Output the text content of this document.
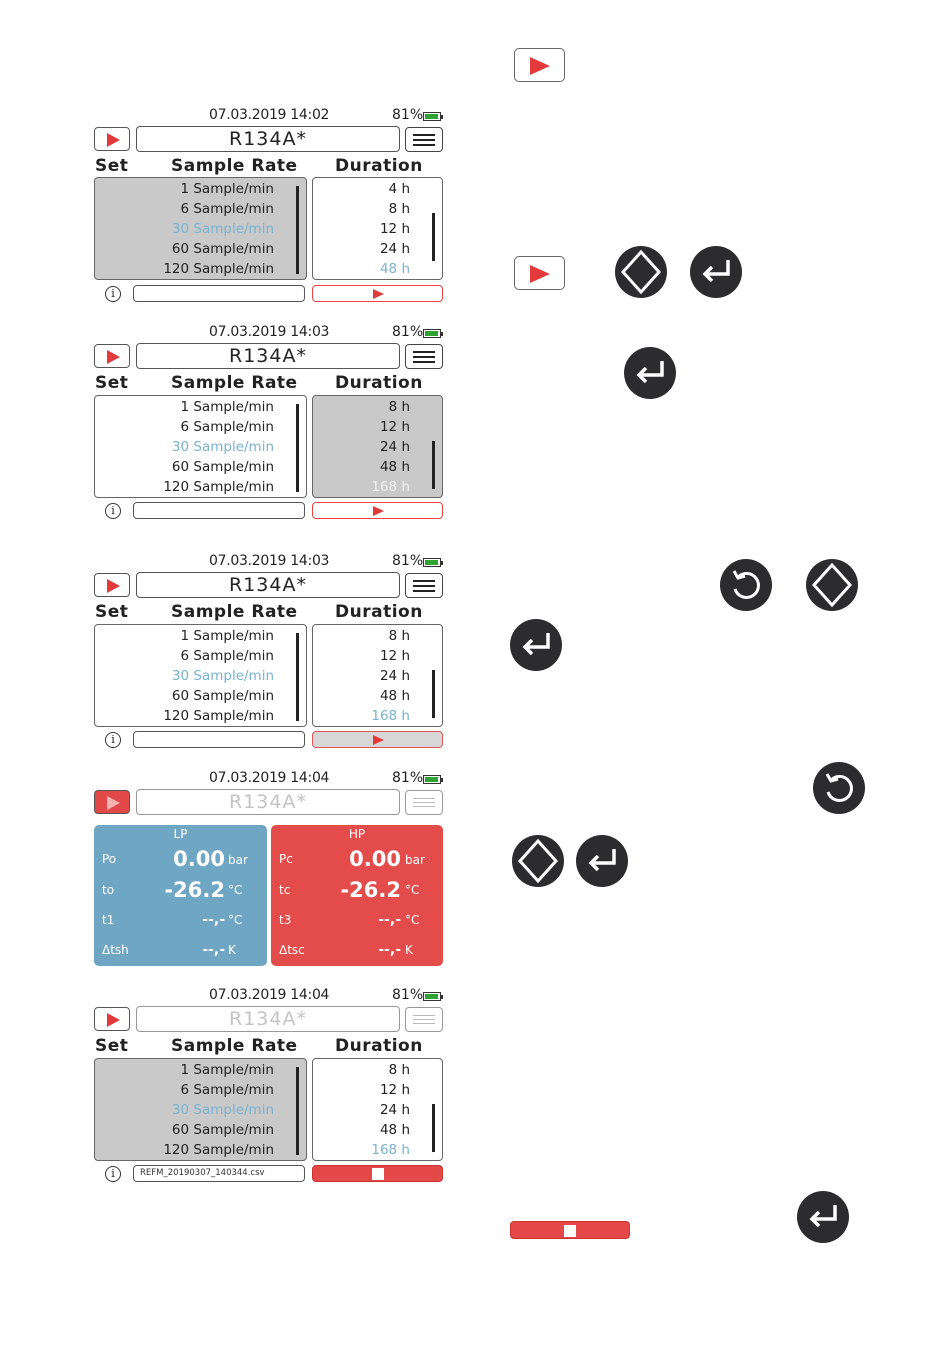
07.03.2019 14:02	81%
R134A*
Set	Sample Rate Duration
1 Sample/min
6 Sample/min
30 Sample/min
60 Sample/min
120 Sample/min
4 h
8 h
12 h
24 h
48 h
i
07.03.2019 14:03	81%
R134A*
Set	Sample Rate Duration
1 Sample/min
6 Sample/min
30 Sample/min
60 Sample/min
120 Sample/min
8 h
12 h
24 h
48 h
168 h
i
07.03.2019 14:03	81%
R134A*
Set	Sample Rate Duration
1 Sample/min
6 Sample/min
30 Sample/min
60 Sample/min
120 Sample/min
8 h
12 h
24 h
48 h
168 h
i
07.03.2019 14:04	81%
R134A*
LP
Po	0.00 bar
to -26.2 °C
t1	--,- °C
Δtsh	--,- K
HP
Pc	0.00 bar
tc -26.2 °C
t3	--,- °C
Δtsc	--,- K
07.03.2019 14:04	81%
R134A*
Set	Sample Rate Duration
1 Sample/min
6 Sample/min
30 Sample/min
60 Sample/min
120 Sample/min
8 h
12 h
24 h
48 h
168 h
i	REFM_20190307_140344.csv
